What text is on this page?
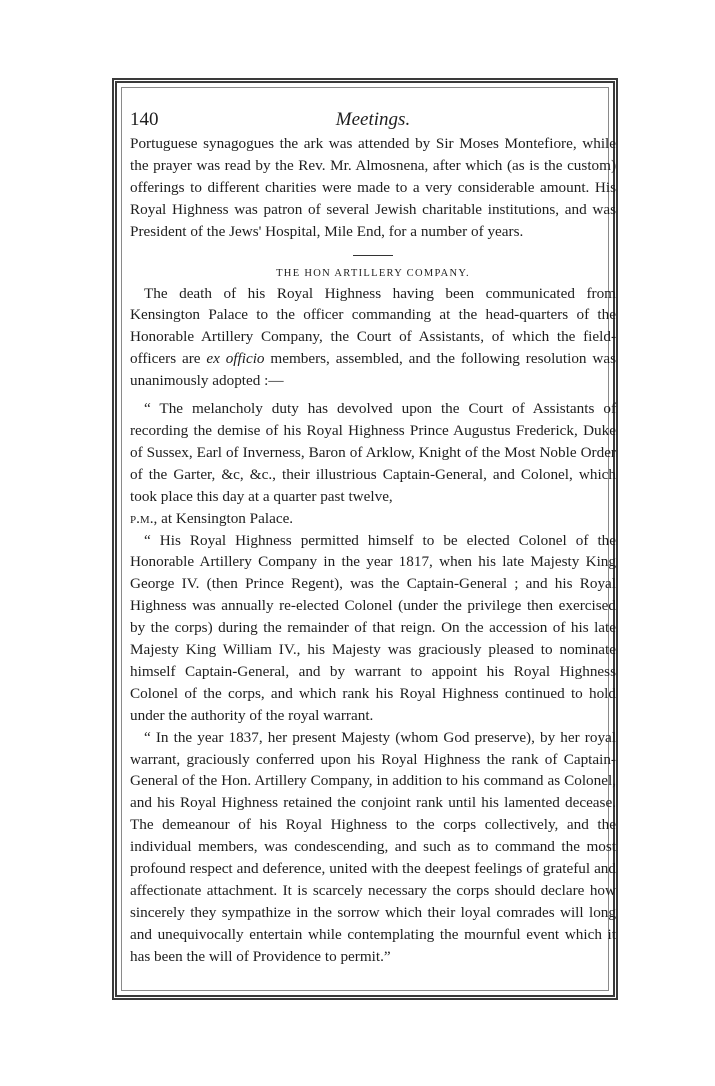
140	Meetings.

Portuguese synagogues the ark was attended by Sir Moses Montefiore, while the prayer was read by the Rev. Mr. Almosnena, after which (as is the custom) offerings to different charities were made to a very considerable amount. His Royal Highness was patron of several Jewish charitable institutions, and was President of the Jews' Hospital, Mile End, for a number of years.

THE HON ARTILLERY COMPANY.

The death of his Royal Highness having been communicated from Kensington Palace to the officer commanding at the head-quarters of the Honorable Artillery Company, the Court of Assistants, of which the field-officers are ex officio members, assembled, and the following resolution was unanimously adopted :—

“ The melancholy duty has devolved upon the Court of Assistants of recording the demise of his Royal Highness Prince Augustus Frederick, Duke of Sussex, Earl of Inverness, Baron of Arklow, Knight of the Most Noble Order of the Garter, &c, &c., their illustrious Captain-General, and Colonel, which took place this day at a quarter past twelve,
p.m., at Kensington Palace.

“ His Royal Highness permitted himself to be elected Colonel of the Honorable Artillery Company in the year 1817, when his late Majesty King George IV. (then Prince Regent), was the Captain-General ; and his Royal Highness was annually re-elected Colonel (under the privilege then exercised by the corps) during the remainder of that reign. On the accession of his late Majesty King William IV., his Majesty was graciously pleased to nominate himself Captain-General, and by warrant to appoint his Royal Highness Colonel of the corps, and which rank his Royal Highness continued to hold under the authority of the royal warrant.

“ In the year 1837, her present Majesty (whom God preserve), by her royal warrant, graciously conferred upon his Royal Highness the rank of Captain-General of the Hon. Artillery Company, in addition to his command as Colonel, and his Royal Highness retained the conjoint rank until his lamented decease. The demeanour of his Royal Highness to the corps collectively, and the individual members, was condescending, and such as to command the most profound respect and deference, united with the deepest feelings of grateful and affectionate attachment. It is scarcely necessary the corps should declare how sincerely they sympathize in the sorrow which their loyal comrades will long and unequivocally entertain while contemplating the mournful event which it has been the will of Providence to permit.”
